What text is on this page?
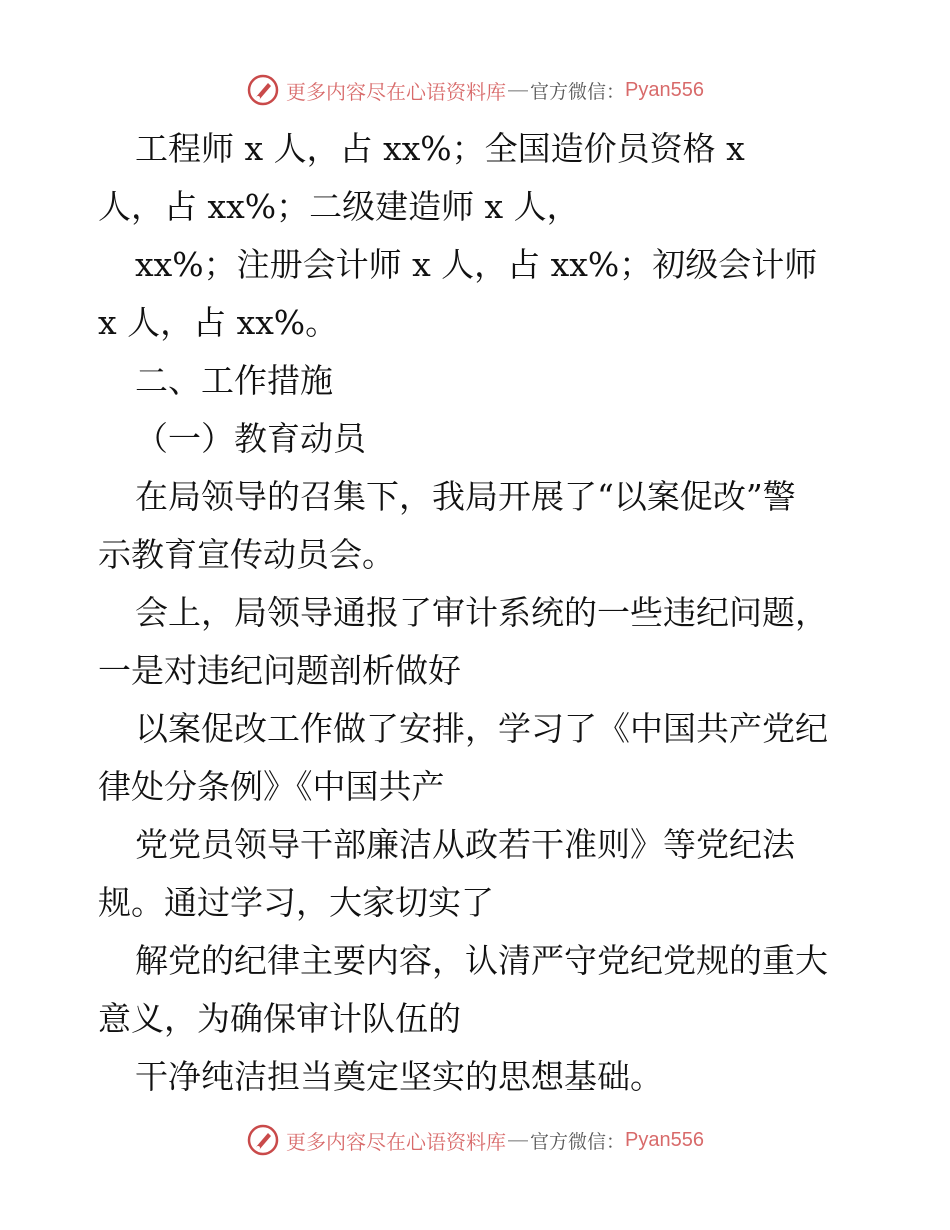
更多内容尽在心语资料库 — 官方微信： Pyan556
工程师 x 人，占 xx%；全国造价员资格 x
人，占 xx%；二级建造师 x 人，
xx%；注册会计师 x 人，占 xx%；初级会计师
x 人，占 xx%。
二、工作措施
（一）教育动员
在局领导的召集下，我局开展了“以案促改”警
示教育宣传动员会。
会上，局领导通报了审计系统的一些违纪问题，
一是对违纪问题剖析做好
以案促改工作做了安排，学习了《中国共产党纪
律处分条例》《中国共产
党党员领导干部廉洁从政若干准则》等党纪法
规。通过学习，大家切实了
解党的纪律主要内容，认清严守党纪党规的重大
意义，为确保审计队伍的
干净纯洁担当奠定坚实的思想基础。
更多内容尽在心语资料库 — 官方微信： Pyan556
